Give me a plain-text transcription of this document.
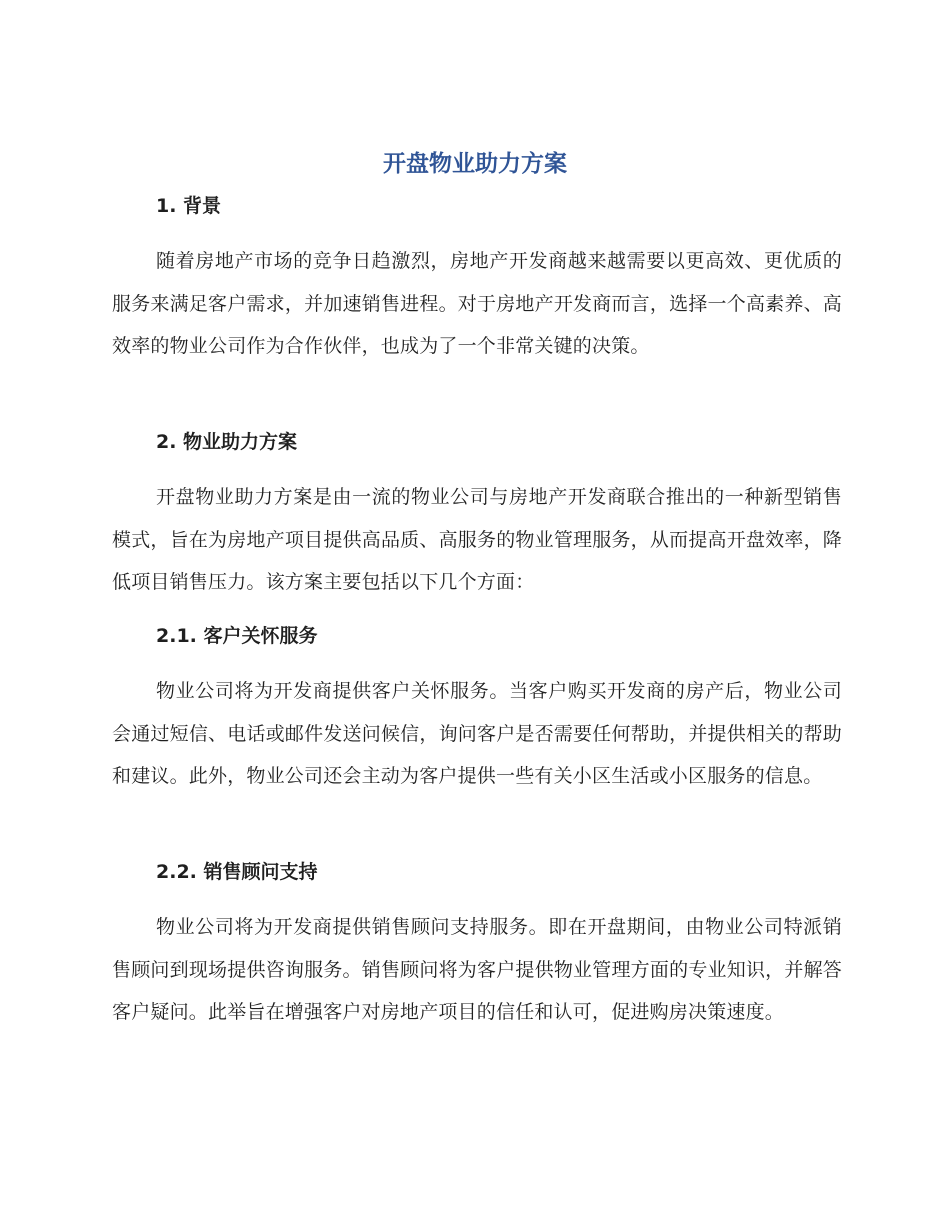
开盘物业助力方案
1. 背景

随着房地产市场的竞争日趋激烈，房地产开发商越来越需要以更高效、更优质的服务来满足客户需求，并加速销售进程。对于房地产开发商而言，选择一个高素养、高效率的物业公司作为合作伙伴，也成为了一个非常关键的决策。

2. 物业助力方案

开盘物业助力方案是由一流的物业公司与房地产开发商联合推出的一种新型销售模式，旨在为房地产项目提供高品质、高服务的物业管理服务，从而提高开盘效率，降低项目销售压力。该方案主要包括以下几个方面：

2.1. 客户关怀服务

物业公司将为开发商提供客户关怀服务。当客户购买开发商的房产后，物业公司会通过短信、电话或邮件发送问候信，询问客户是否需要任何帮助，并提供相关的帮助和建议。此外，物业公司还会主动为客户提供一些有关小区生活或小区服务的信息。

2.2. 销售顾问支持

物业公司将为开发商提供销售顾问支持服务。即在开盘期间，由物业公司特派销售顾问到现场提供咨询服务。销售顾问将为客户提供物业管理方面的专业知识，并解答客户疑问。此举旨在增强客户对房地产项目的信任和认可，促进购房决策速度。
